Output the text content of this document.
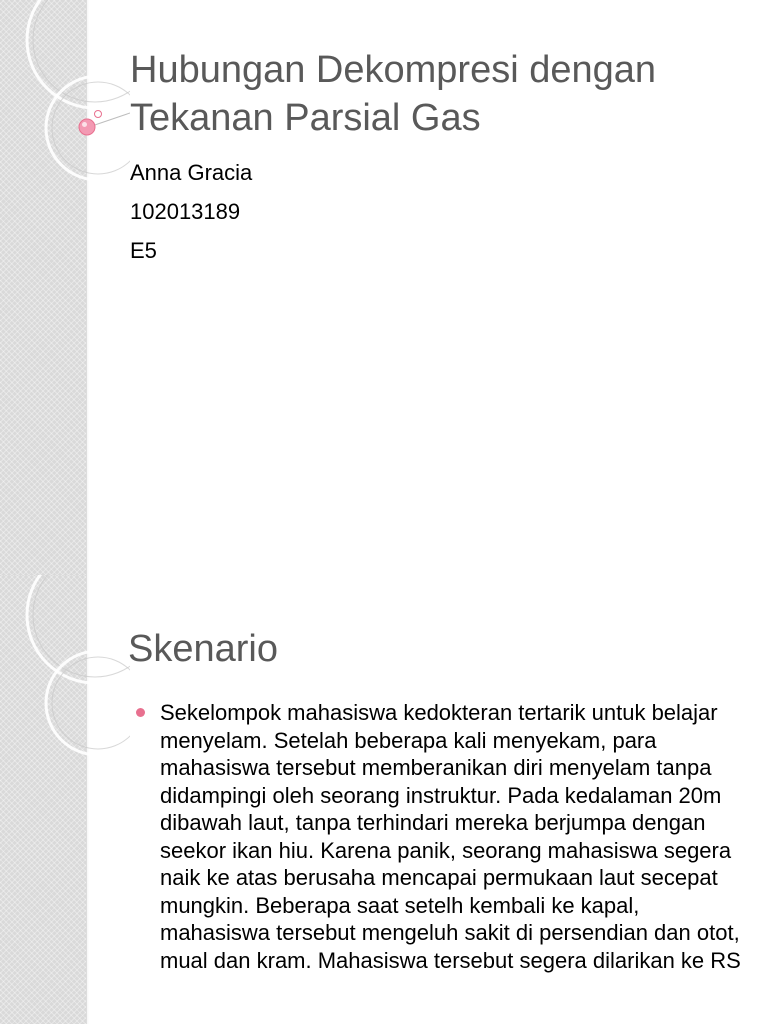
Hubungan Dekompresi dengan Tekanan Parsial Gas
Anna Gracia
102013189
E5
Skenario
Sekelompok mahasiswa kedokteran tertarik untuk belajar menyelam. Setelah beberapa kali menyekam, para mahasiswa tersebut memberanikan diri menyelam tanpa didampingi oleh seorang instruktur. Pada kedalaman 20m dibawah laut, tanpa terhindari mereka berjumpa dengan seekor ikan hiu. Karena panik, seorang mahasiswa segera naik ke atas berusaha mencapai permukaan laut secepat mungkin. Beberapa saat setelh kembali ke kapal, mahasiswa tersebut mengeluh sakit di persendian dan otot, mual dan kram. Mahasiswa tersebut segera dilarikan ke RS
